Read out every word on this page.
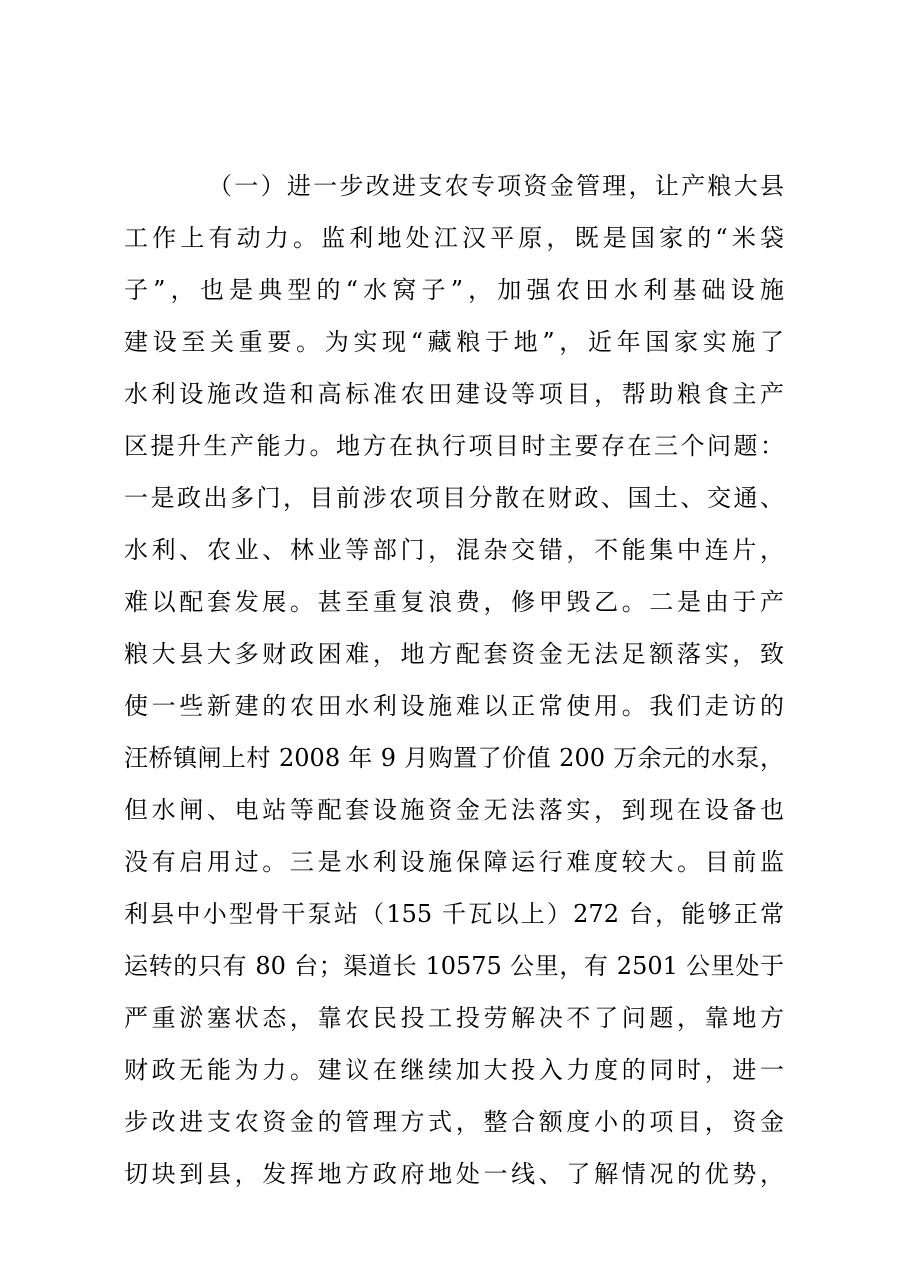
（一）进一步改进支农专项资金管理，让产粮大县
工作上有动力。监利地处江汉平原，既是国家的“米袋
子”，也是典型的“水窝子”，加强农田水利基础设施
建设至关重要。为实现“藏粮于地”，近年国家实施了
水利设施改造和高标准农田建设等项目，帮助粮食主产
区提升生产能力。地方在执行项目时主要存在三个问题：
一是政出多门，目前涉农项目分散在财政、国土、交通、
水利、农业、林业等部门，混杂交错，不能集中连片，
难以配套发展。甚至重复浪费，修甲毁乙。二是由于产
粮大县大多财政困难，地方配套资金无法足额落实，致
使一些新建的农田水利设施难以正常使用。我们走访的
汪桥镇闸上村 2008 年 9 月购置了价值 200 万余元的水泵，
但水闸、电站等配套设施资金无法落实，到现在设备也
没有启用过。三是水利设施保障运行难度较大。目前监
利县中小型骨干泵站（155 千瓦以上）272 台，能够正常
运转的只有 80 台；渠道长 10575 公里，有 2501 公里处于
严重淤塞状态，靠农民投工投劳解决不了问题，靠地方
财政无能为力。建议在继续加大投入力度的同时，进一
步改进支农资金的管理方式，整合额度小的项目，资金
切块到县，发挥地方政府地处一线、了解情况的优势，
